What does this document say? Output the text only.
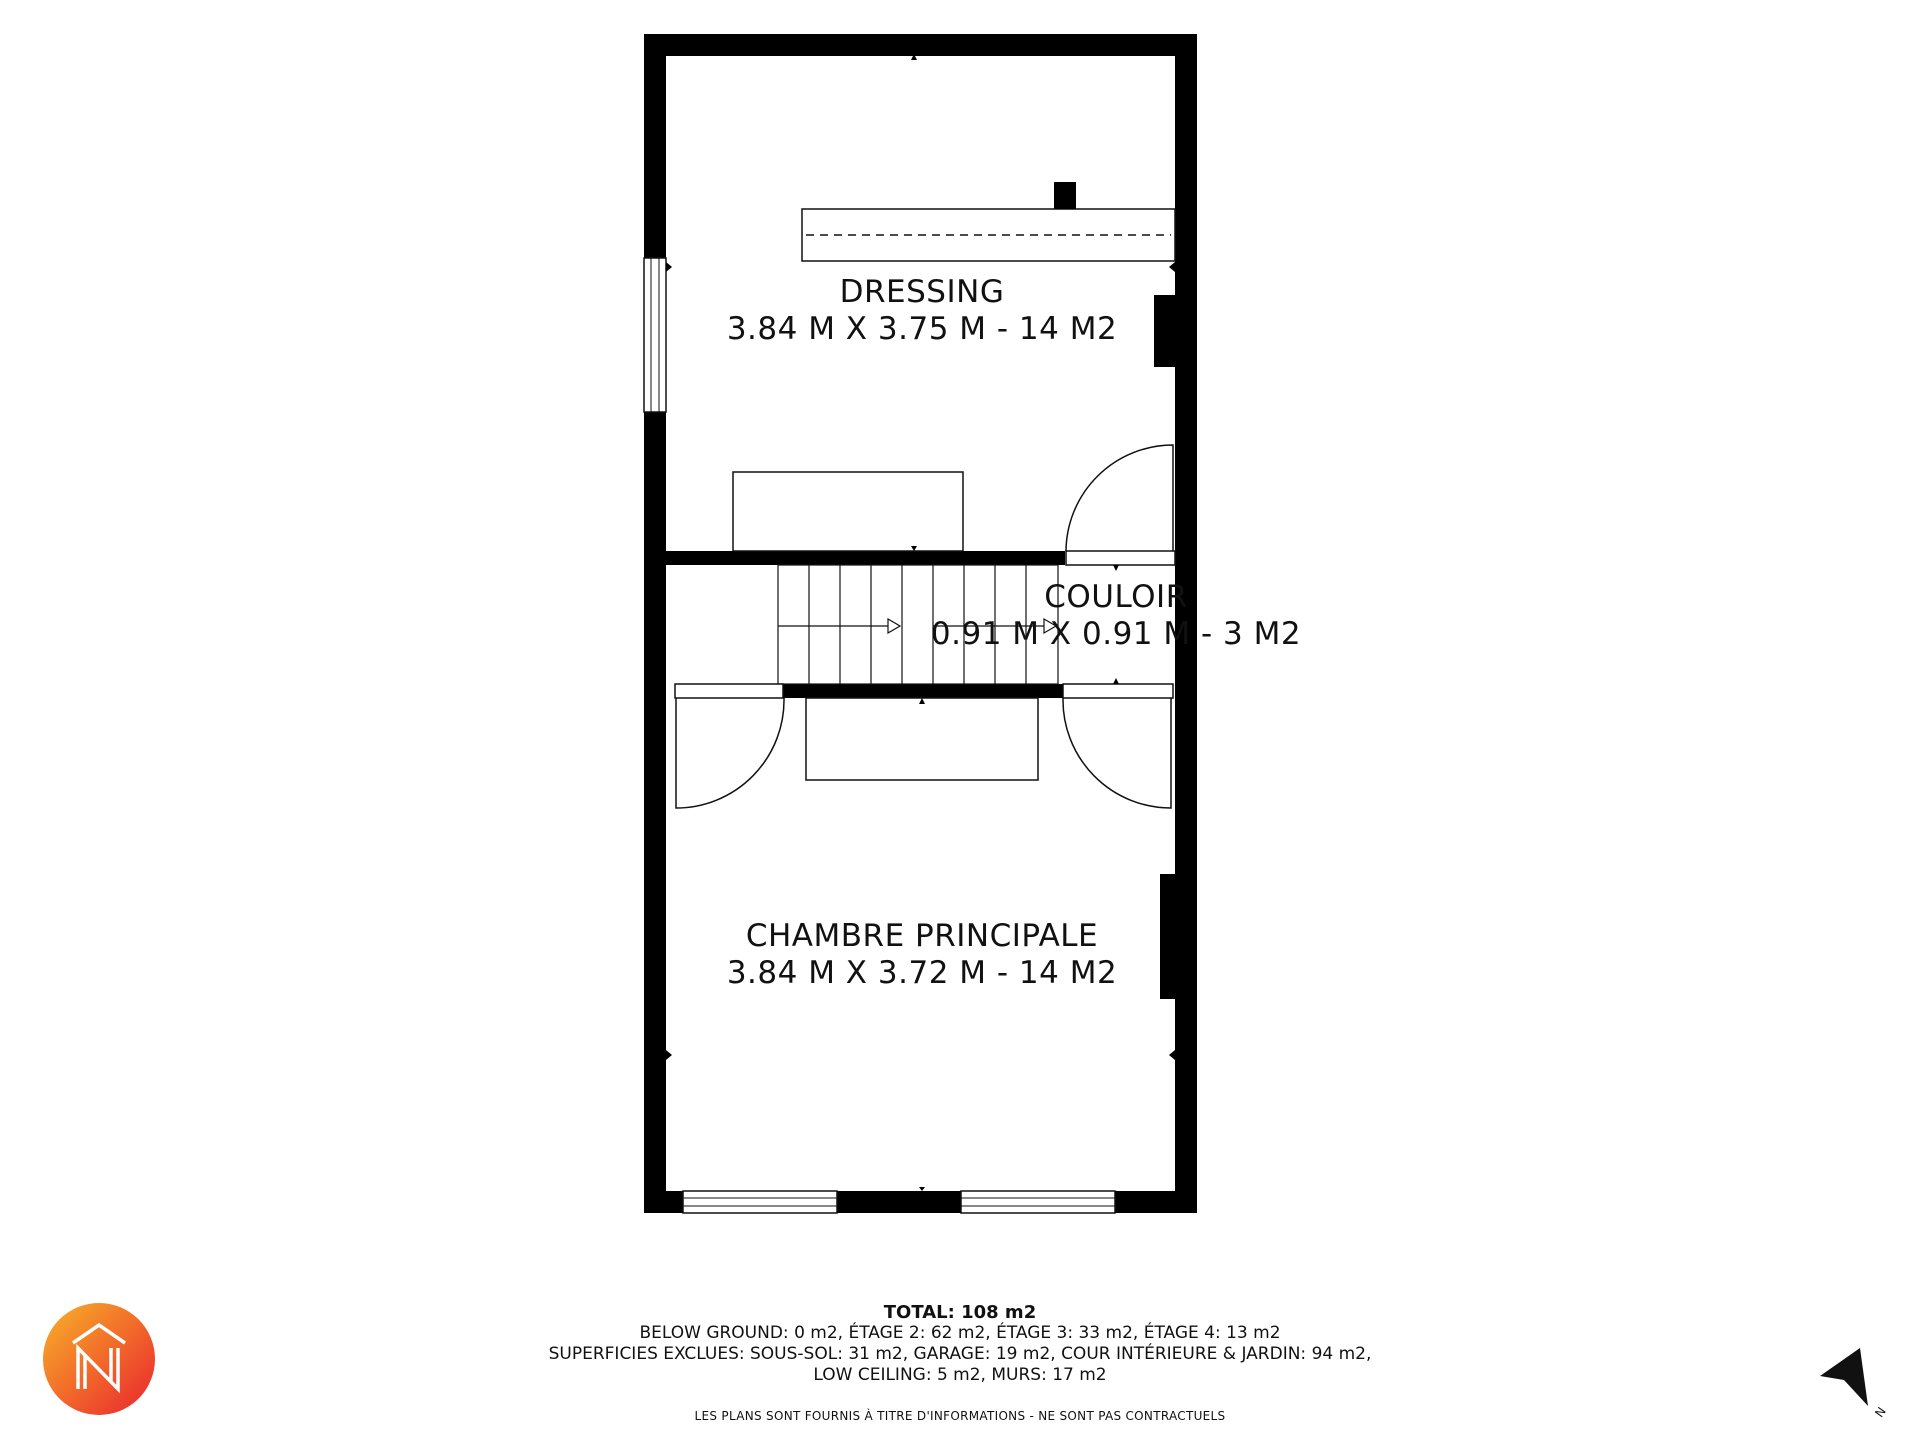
DRESSING
3.84 M X 3.75 M - 14 M2
COULOIR
0.91 M X 0.91 M - 3 M2
CHAMBRE PRINCIPALE
3.84 M X 3.72 M - 14 M2
TOTAL: 108 m2
BELOW GROUND: 0 m2, ÉTAGE 2: 62 m2, ÉTAGE 3: 33 m2, ÉTAGE 4: 13 m2
SUPERFICIES EXCLUES: SOUS-SOL: 31 m2, GARAGE: 19 m2, COUR INTÉRIEURE & JARDIN: 94 m2,
LOW CEILING: 5 m2, MURS: 17 m2
LES PLANS SONT FOURNIS À TITRE D'INFORMATIONS - NE SONT PAS CONTRACTUELS	N
